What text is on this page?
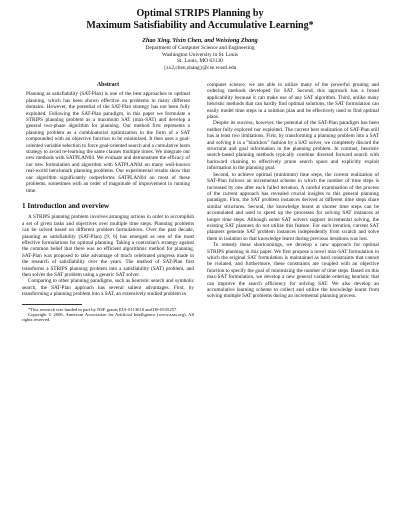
Optimal STRIPS Planning by
Maximum Satisfiability and Accumulative Learning*
Zhao Xing, Yixin Chen, and Weixiong Zhang
Department of Computer Science and Engineering
Washington University in St. Louis
St. Louis, MO 63130
{zx2,chen,zhang}@cse.wustl.edu
Abstract

Planning as satisfiability (SAT-Plan) is one of the best approaches to optimal planning, which has been shown effective on problems in many different domains. However, the potential of the SAT-Plan strategy has not been fully exploited. Following the SAT-Plan paradigm, in this paper we formulate a STRIPS planning problem as a maximum SAT (max-SAT) and develop a general two-phase algorithm for planning. Our method first represents a planning problem as a combinatorial optimization in the form of a SAT compounded with an objective function to be minimized. It then uses a goal-oriented variable selection to force goal-oriented search and a cumulative learn strategy to avoid re-learning the same clauses multiple times. We integrate our new methods with SATPLAN04. We evaluate and demonstrate the efficacy of our new formulation and algorithm with SATPLAN04 on many well-known real-world benchmark planning problems. Our experimental results show that our algorithm significantly outperforms SATPLAN04 on most of these problems, sometimes with an order of magnitude of improvement in running time.

1 Introduction and overview

A STRIPS planning problem involves arranging actions in order to accomplish a set of given tasks and objectives over multiple time steps. Planning problems can be solved based on different problem formulations. Over the past decade, planning as satisfiability (SAT-Plan) [9; 6] has emerged as one of the most effective formulations for optimal planning. Taking a contrarian's strategy against the common belief that there was no efficient algorithmic method for planning, SAT-Plan was proposed to take advantage of much celebrated progress made in the research of satisfiability over the years. The method of SAT-Plan first transforms a STRIPS planning problem into a satisfiability (SAT) problem, and then solves the SAT problem using a generic SAT solver.

Comparing to other planning paradigms, such as heuristic search and symbolic search, the SAT-Plan approach has several salient advantages. First, by transforming a planning problem into a SAT, an extensively studied problem in

*This research was funded in part by NSF grants EIA-0113618 and IIS-0535257.

Copyright © 2006, American Association for Artificial Intelligence (www.aaai.org). All rights reserved.

computer science, we are able to utilize many of the powerful pruning and ordering methods developed for SAT. Second, this approach has a broad applicability because it can make use of any SAT algorithm. Third, unlike many heuristic methods that can hardly find optimal solutions, the SAT formulation can easily model time steps in a solution plan and be effectively used to find optimal plans.

Despite its success, however, the potential of the SAT-Plan paradigm has been neither fully explored nor exploited. The current best realization of SAT-Plan still has at least two limitations. First, by transforming a planning problem into a SAT and solving it in a "blackbox" fashion by a SAT solver, we completely discard the structural and goal information in the planning problem. In contrast, heuristic search-based planning methods typically combine directed forward search with backward chaining to effectively prune search space and explicitly exploit information in the planning goal.

Second, to achieve optimal (minimum) time steps, the current realization of SAT-Plan follows an incremental scheme in which the number of time steps is increased by one after each failed iteration. A careful examination of the process of the current approach has revealed crucial insights to this general planning paradigm. First, the SAT problem instances derived at different time steps share similar structures. Second, the knowledge learnt at shorter time steps can be accumulated and used to speed up the processes for solving SAT instances at longer time steps. Although some SAT solvers support incremental solving, the existing SAT planners do not utilize this feature. For each iteration, current SAT planners generate SAT problem instances independently from scratch and solve them in isolation so that knowledge learnt during previous iterations was lost.

To remedy these shortcomings, we develop a new approach for optimal STRIPS planning in this paper. We first propose a novel max-SAT formulation in which the original SAT formulation is maintained as hard constraints that cannot be violated, and furthermore, these constraints are coupled with an objective function to specify the goal of minimizing the number of time steps. Based on this max-SAT formulation, we develop a new general variable ordering heuristic that can improve the search efficiency for solving SAT. We also develop an accumulative learning scheme to collect and utilize the knowledge learnt from solving multiple SAT problems during an incremental planning process.
